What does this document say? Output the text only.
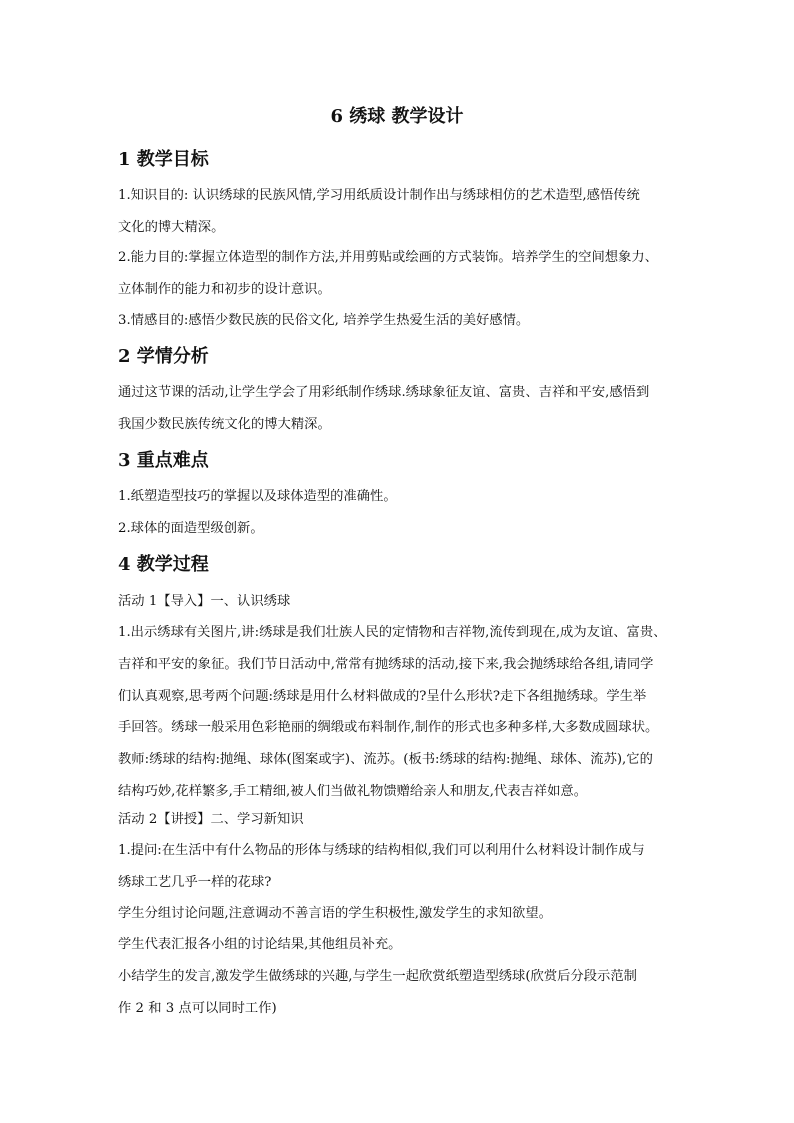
6 绣球 教学设计
1 教学目标
1.知识目的: 认识绣球的民族风情,学习用纸质设计制作出与绣球相仿的艺术造型,感悟传统
文化的博大精深。
2.能力目的:掌握立体造型的制作方法,并用剪贴或绘画的方式装饰。培养学生的空间想象力、
立体制作的能力和初步的设计意识。
3.情感目的:感悟少数民族的民俗文化, 培养学生热爱生活的美好感情。
2 学情分析
通过这节课的活动,让学生学会了用彩纸制作绣球.绣球象征友谊、富贵、吉祥和平安,感悟到
我国少数民族传统文化的博大精深。
3 重点难点
1.纸塑造型技巧的掌握以及球体造型的准确性。
2.球体的面造型级创新。
4 教学过程
活动 1【导入】一、认识绣球
1.出示绣球有关图片,讲:绣球是我们壮族人民的定情物和吉祥物,流传到现在,成为友谊、富贵、
吉祥和平安的象征。我们节日活动中,常常有抛绣球的活动,接下来,我会抛绣球给各组,请同学
们认真观察,思考两个问题:绣球是用什么材料做成的?呈什么形状?走下各组抛绣球。学生举
手回答。绣球一般采用色彩艳丽的绸缎或布料制作,制作的形式也多种多样,大多数成圆球状。
教师:绣球的结构:抛绳、球体(图案或字)、流苏。(板书:绣球的结构:抛绳、球体、流苏),它的
结构巧妙,花样繁多,手工精细,被人们当做礼物馈赠给亲人和朋友,代表吉祥如意。
活动 2【讲授】二、学习新知识
1.提问:在生活中有什么物品的形体与绣球的结构相似,我们可以利用什么材料设计制作成与
绣球工艺几乎一样的花球?
学生分组讨论问题,注意调动不善言语的学生积极性,激发学生的求知欲望。
学生代表汇报各小组的讨论结果,其他组员补充。
小结学生的发言,激发学生做绣球的兴趣,与学生一起欣赏纸塑造型绣球(欣赏后分段示范制
作 2 和 3 点可以同时工作)
